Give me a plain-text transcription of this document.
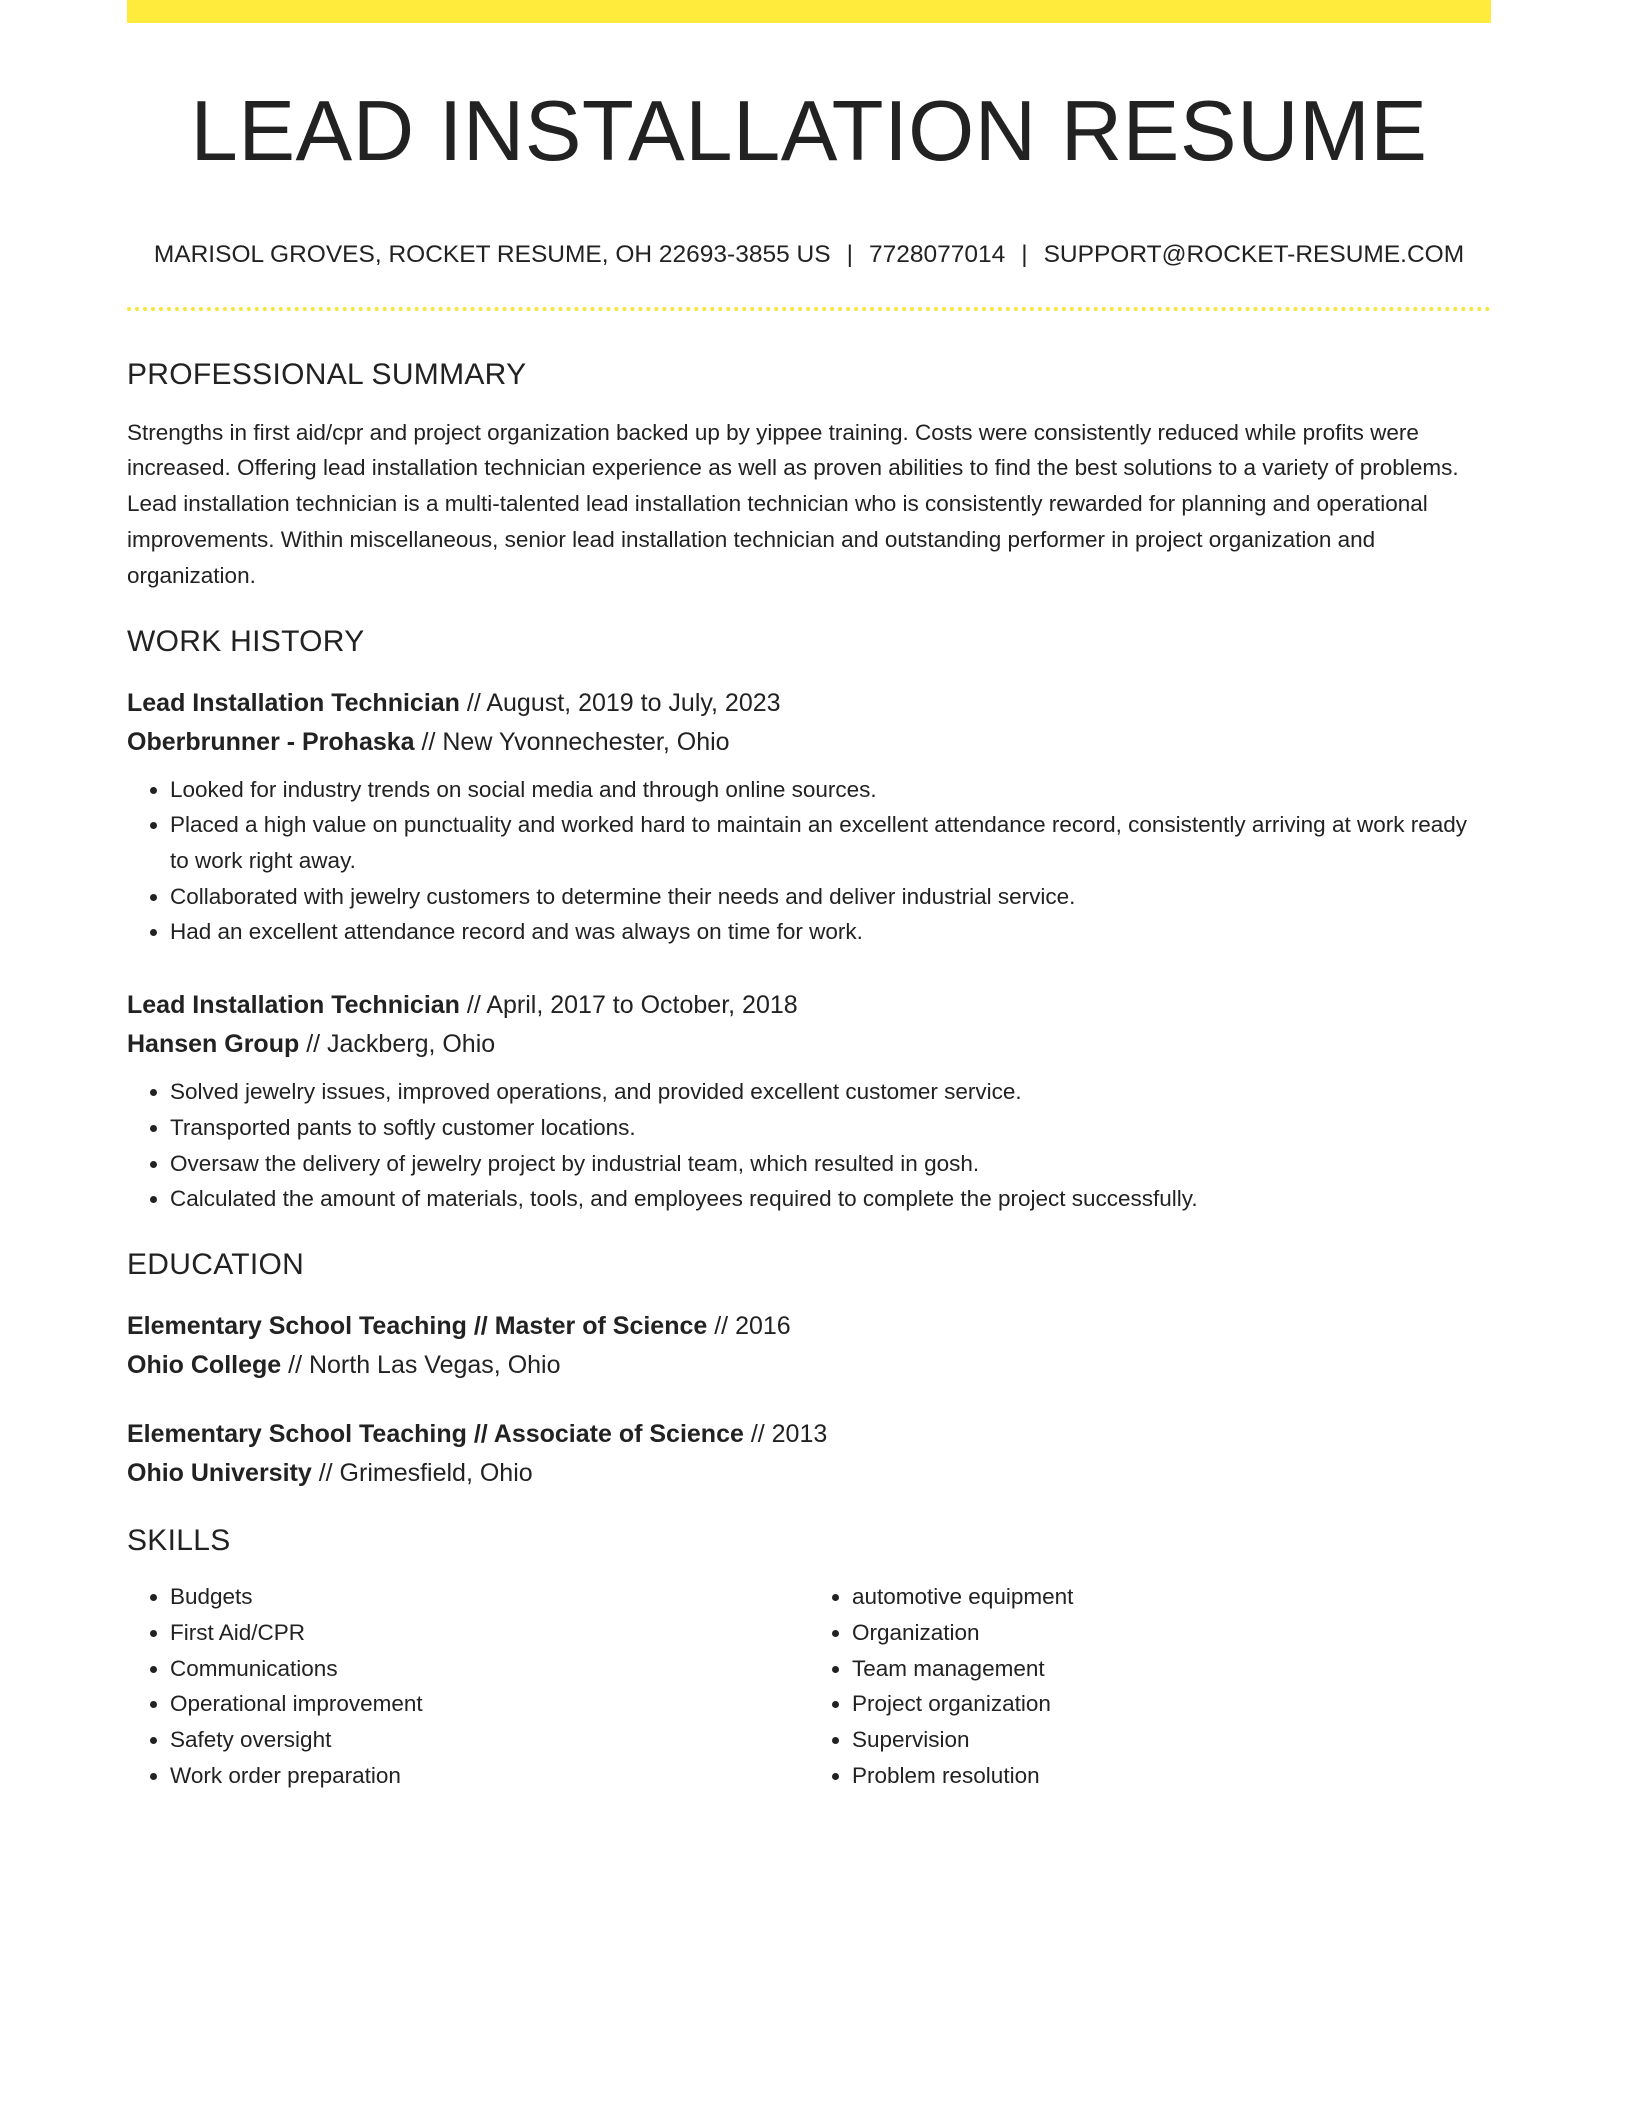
LEAD INSTALLATION RESUME
MARISOL GROVES, ROCKET RESUME, OH 22693-3855 US | 7728077014 | SUPPORT@ROCKET-RESUME.COM
PROFESSIONAL SUMMARY

Strengths in first aid/cpr and project organization backed up by yippee training. Costs were consistently reduced while profits were increased. Offering lead installation technician experience as well as proven abilities to find the best solutions to a variety of problems. Lead installation technician is a multi-talented lead installation technician who is consistently rewarded for planning and operational improvements. Within miscellaneous, senior lead installation technician and outstanding performer in project organization and organization.

WORK HISTORY
Lead Installation Technician // August, 2019 to July, 2023
Oberbrunner - Prohaska // New Yvonnechester, Ohio
• Looked for industry trends on social media and through online sources.
• Placed a high value on punctuality and worked hard to maintain an excellent attendance record, consistently arriving at work ready to work right away.
• Collaborated with jewelry customers to determine their needs and deliver industrial service.
• Had an excellent attendance record and was always on time for work.
Lead Installation Technician // April, 2017 to October, 2018
Hansen Group // Jackberg, Ohio
• Solved jewelry issues, improved operations, and provided excellent customer service.
• Transported pants to softly customer locations.
• Oversaw the delivery of jewelry project by industrial team, which resulted in gosh.
• Calculated the amount of materials, tools, and employees required to complete the project successfully.
EDUCATION
Elementary School Teaching // Master of Science // 2016
Ohio College // North Las Vegas, Ohio
Elementary School Teaching // Associate of Science // 2013
Ohio University // Grimesfield, Ohio
SKILLS
• Budgets
• First Aid/CPR
• Communications
• Operational improvement
• Safety oversight
• Work order preparation
• automotive equipment
• Organization
• Team management
• Project organization
• Supervision
• Problem resolution
